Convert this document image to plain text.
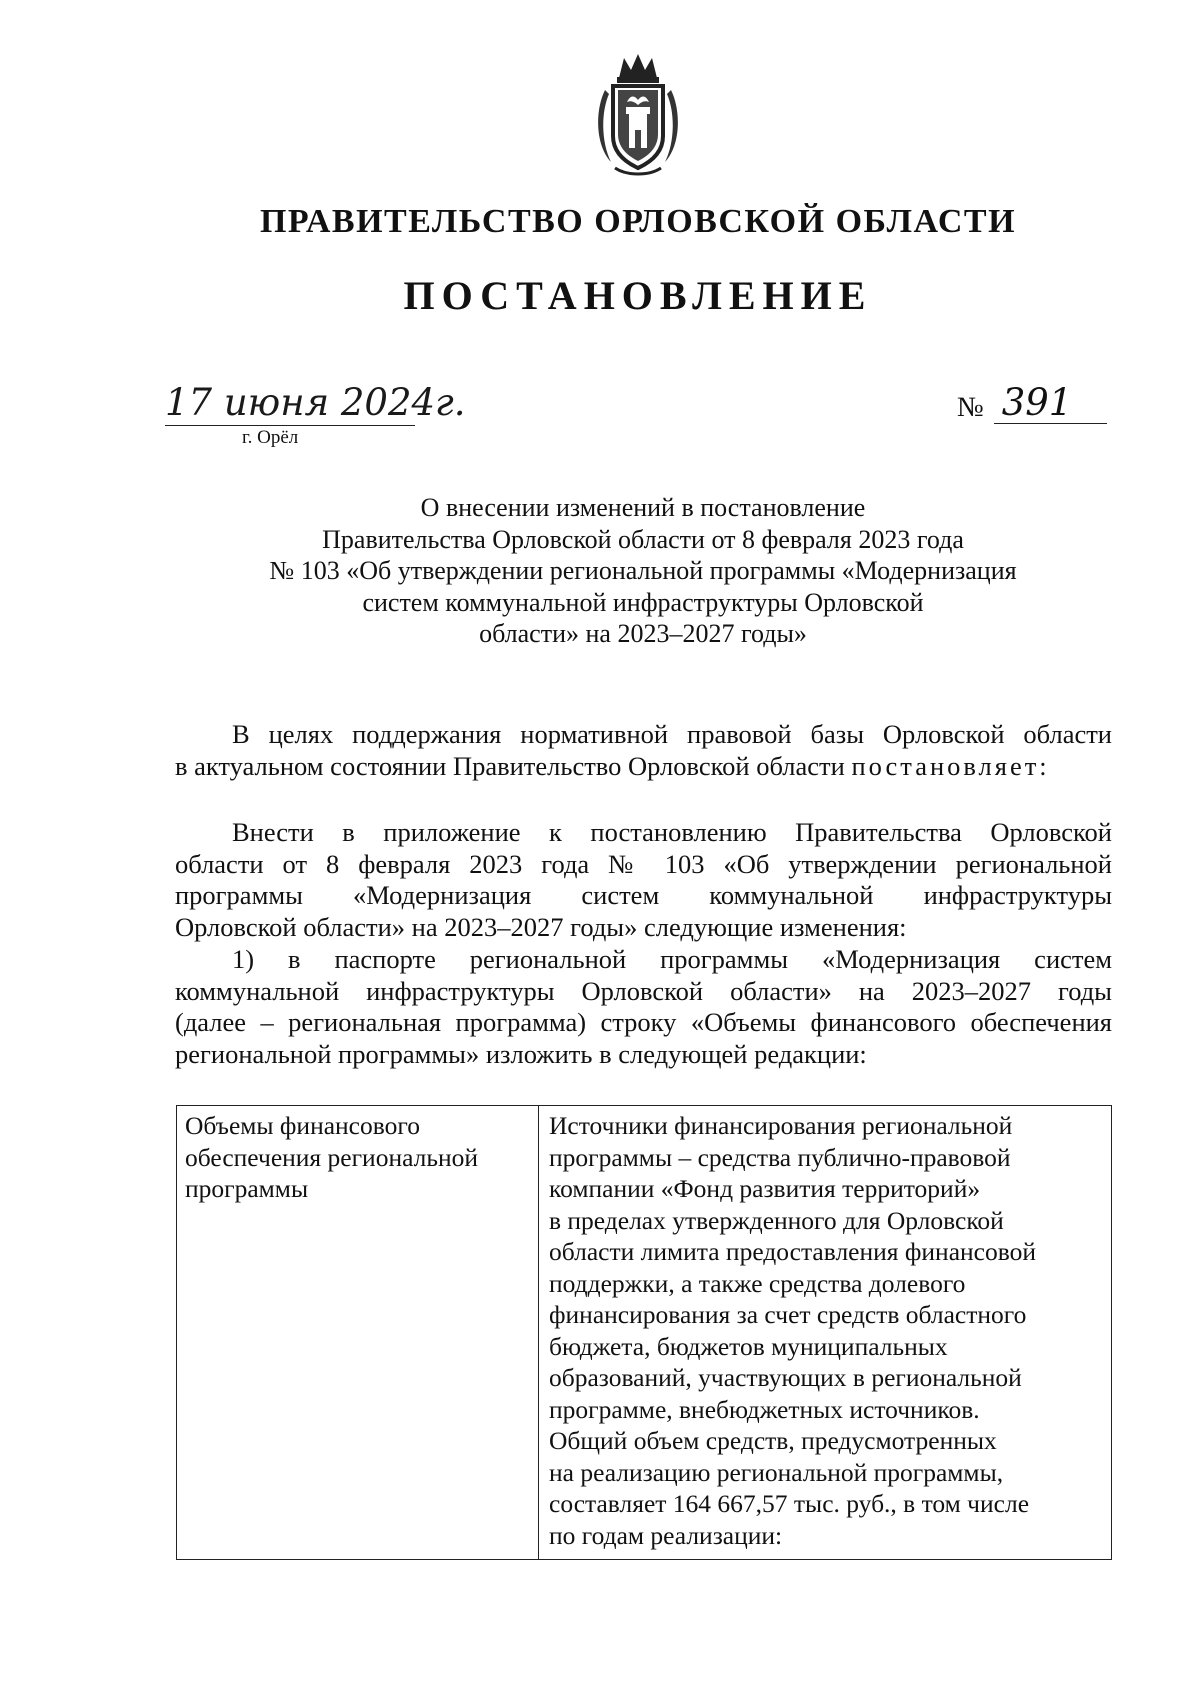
ПРАВИТЕЛЬСТВО ОРЛОВСКОЙ ОБЛАСТИ
ПОСТАНОВЛЕНИЕ
17 июня 2024г.
г. Орёл
№ 391
О внесении изменений в постановление
Правительства Орловской области от 8 февраля 2023 года
№ 103 «Об утверждении региональной программы «Модернизация
систем коммунальной инфраструктуры Орловской
области» на 2023–2027 годы»
В целях поддержания нормативной правовой базы Орловской области
в актуальном состоянии Правительство Орловской области постановляет:
Внести в приложение к постановлению Правительства Орловской
области от 8 февраля 2023 года № 103 «Об утверждении региональной
программы «Модернизация систем коммунальной инфраструктуры
Орловской области» на 2023–2027 годы» следующие изменения:
1) в паспорте региональной программы «Модернизация систем
коммунальной инфраструктуры Орловской области» на 2023–2027 годы
(далее – региональная программа) строку «Объемы финансового обеспечения
региональной программы» изложить в следующей редакции:
Объемы финансового
обеспечения региональной
программы
Источники финансирования региональной
программы – средства публично-правовой
компании «Фонд развития территорий»
в пределах утвержденного для Орловской
области лимита предоставления финансовой
поддержки, а также средства долевого
финансирования за счет средств областного
бюджета, бюджетов муниципальных
образований, участвующих в региональной
программе, внебюджетных источников.
Общий объем средств, предусмотренных
на реализацию региональной программы,
составляет 164 667,57 тыс. руб., в том числе
по годам реализации:
